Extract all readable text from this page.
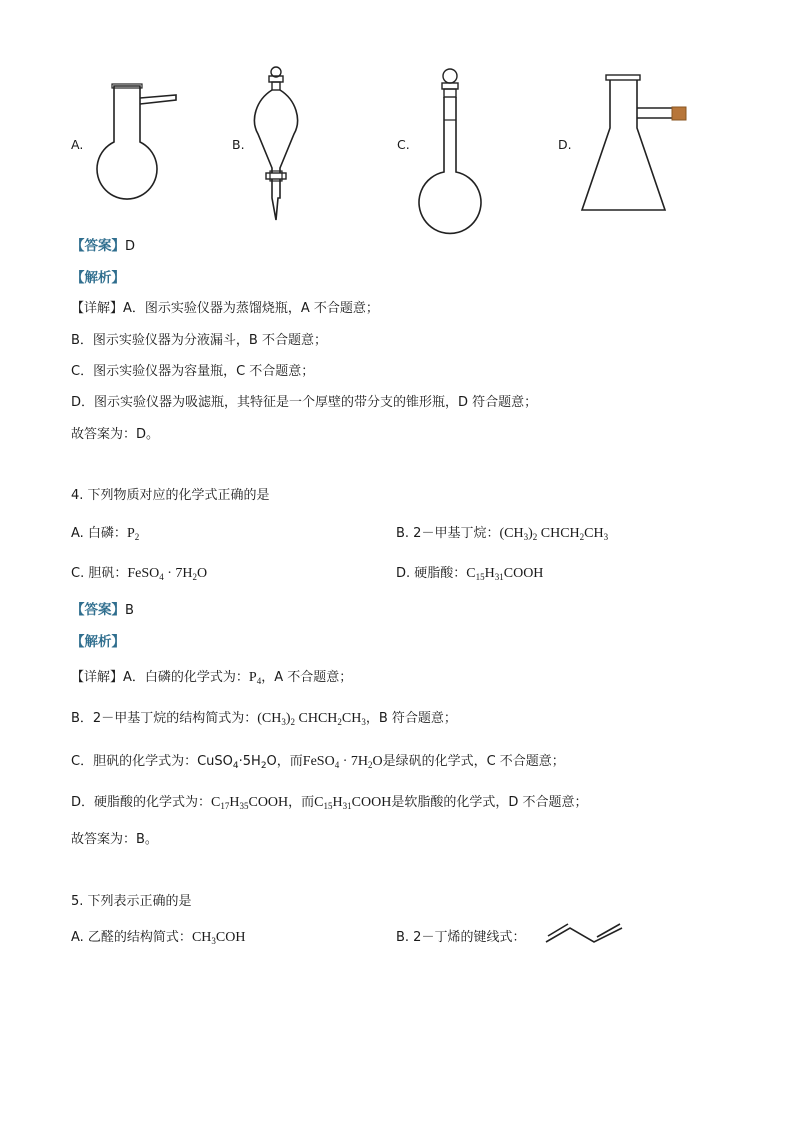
A.	B.	C.	D.
【答案】D
【解析】
【详解】A．图示实验仪器为蒸馏烧瓶，A 不合题意；
B．图示实验仪器为分液漏斗，B 不合题意；
C．图示实验仪器为容量瓶，C 不合题意；
D．图示实验仪器为吸滤瓶，其特征是一个厚壁的带分支的锥形瓶，D 符合题意；
故答案为：D。
4. 下列物质对应的化学式正确的是
A. 白磷：$P_2$	B. 2－甲基丁烷：$(CH_3)_2$ $CHCH_2CH_3$
C. 胆矾：FeSO$_4$ · $7H_2O$	D. 硬脂酸：$C_{15}H_{31}COOH$
【答案】B
【解析】
【详解】A．白磷的化学式为：$P_4$，A 不合题意；
B．2－甲基丁烷的结构简式为：$(CH_3)_2$ $CHCH_2CH_3$，B 符合题意；
C．胆矾的化学式为：$CuSO_4\cdot 5H_2O$，而FeSO$_4$ · $7H_2O$是绿矾的化学式，C 不合题意；
D．硬脂酸的化学式为：$C_{17}H_{35}COOH$，而$C_{15}H_{31}COOH$是软脂酸的化学式，D 不合题意；
故答案为：B。
5. 下列表示正确的是
A. 乙醛的结构简式：$CH_3COH$	B. 2－丁烯的键线式：
